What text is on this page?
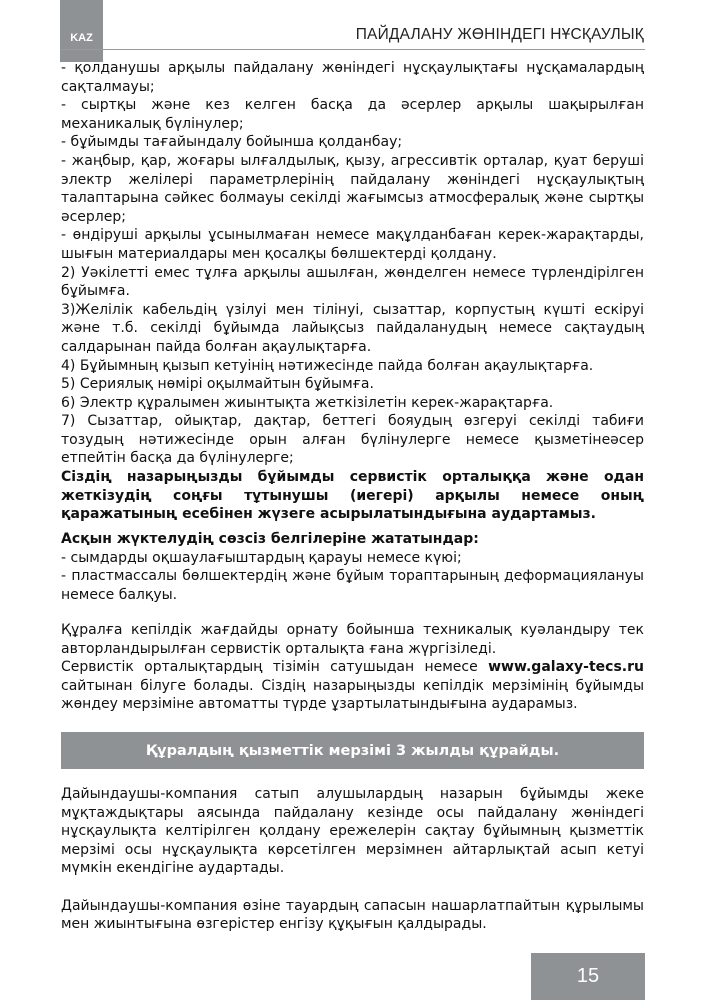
KAZ	ПАЙДАЛАНУ ЖӨНІНДЕГІ НҰСҚАУЛЫҚ

- қолданушы арқылы пайдалану жөніндегі нұсқаулықтағы нұсқамалардың сақталмауы;

- сыртқы және кез келген басқа да әсерлер арқылы шақырылған механикалық бүлінулер;

- бұйымды тағайындалу бойынша қолданбау;

- жаңбыр, қар, жоғары ылғалдылық, қызу, агрессивтік орталар, қуат беруші электр желілері параметрлерінің пайдалану жөніндегі нұсқаулықтың талаптарына сәйкес болмауы секілді жағымсыз атмосфералық және сыртқы әсерлер;

- өндіруші арқылы ұсынылмаған немесе мақұлданбаған керек-жарақтарды, шығын материалдары мен қосалқы бөлшектерді қолдану.

2) Уәкілетті емес тұлға арқылы ашылған, жөнделген немесе түрлендірілген бұйымға.

3)Желілік кабельдің үзілуі мен тілінуі, сызаттар, корпустың күшті ескіруі және т.б. секілді бұйымда лайықсыз пайдаланудың немесе сақтаудың салдарынан пайда болған ақаулықтарға.

4) Бұйымның қызып кетуінің нәтижесінде пайда болған ақаулықтарға.

5) Сериялық нөмірі оқылмайтын бұйымға.

6) Электр құралымен жиынтықта жеткізілетін керек-жарақтарға.

7) Сызаттар, ойықтар, дақтар, беттегі бояудың өзгеруі секілді табиғи тозудың нәтижесінде орын алған бүлінулерге немесе қызметінеәсер етпейтін басқа да бүлінулерге;

Сіздің назарыңызды бұйымды сервистік орталыққа және одан жеткізудің соңғы тұтынушы (иегері) арқылы немесе оның қаражатының есебінен жүзеге асырылатындығына аудартамыз.

Асқын жүктелудің сөзсіз белгілеріне жататындар:

- сымдарды оқшаулағыштардың қарауы немесе күюі;

- пластмассалы бөлшектердің және бұйым торaптарының деформациялануы немесе балқуы.

Құралға кепілдік жағдайды орнату бойынша техникалық куәландыру тек авторландырылған сервистік орталықта ғана жүргізіледі.

Сервистік орталықтардың тізімін сатушыдан немесе www.galaxy-tecs.ru сайтынан білуге болады. Сіздің назарыңызды кепілдік мерзімінің бұйымды жөндеу мерзіміне автоматты түрде ұзартылатындығына аударамыз.

Құралдың қызметтік мерзімі 3 жылды құрайды.

Дайындаушы-компания сатып алушылардың назарын бұйымды жеке мұқтаждықтары аясында пайдалану кезінде осы пайдалану жөніндегі нұсқаулықта келтірілген қолдану ережелерін сақтау бұйымның қызметтік мерзімі осы нұсқаулықта көрсетілген мерзімнен айтарлықтай асып кетуі мүмкін екендігіне аудартады.

Дайындаушы-компания өзіне тауардың сапасын нашарлатпайтын құрылымы мен жиынтығына өзгерістер енгізу құқығын қалдырады.

15
